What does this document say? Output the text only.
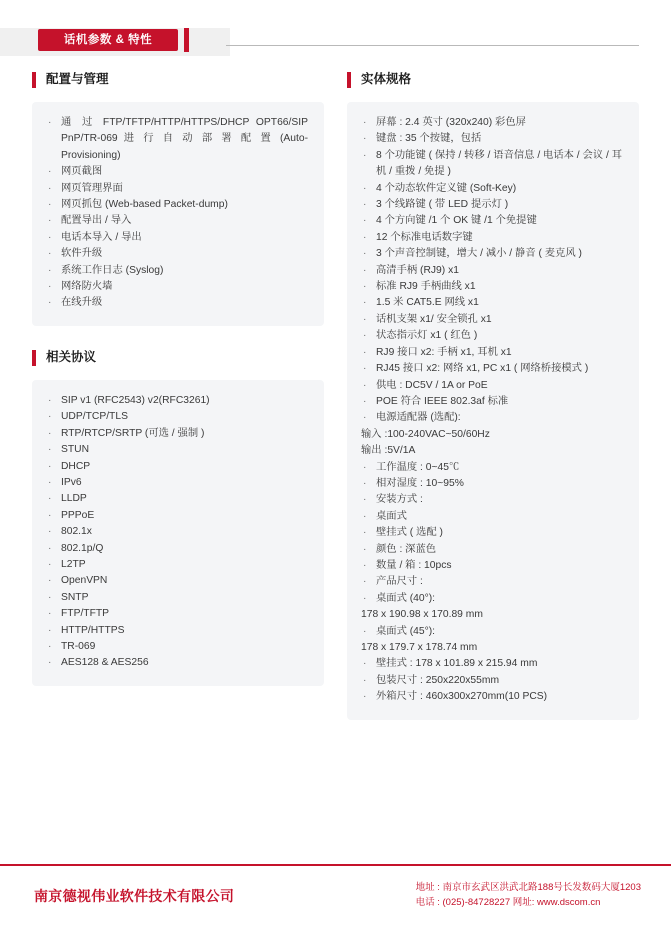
话机参数 & 特性
配置与管理
· 通 过 FTP/TFTP/HTTP/HTTPS/DHCP OPT66/SIP PnP/TR-069 进 行 自 动 部 署 配 置 (Auto-Provisioning)
· 网页截图
· 网页管理界面
· 网页抓包 (Web-based Packet-dump)
· 配置导出 / 导入
· 电话本导入 / 导出
· 软件升级
· 系统工作日志 (Syslog)
· 网络防火墙
· 在线升级
相关协议
· SIP v1 (RFC2543) v2(RFC3261)
· UDP/TCP/TLS
· RTP/RTCP/SRTP (可选 / 强制 )
· STUN
· DHCP
· IPv6
· LLDP
· PPPoE
· 802.1x
· 802.1p/Q
· L2TP
· OpenVPN
· SNTP
· FTP/TFTP
· HTTP/HTTPS
· TR-069
· AES128 & AES256
实体规格
· 屏幕 : 2.4 英寸 (320x240) 彩色屏
· 键盘 : 35 个按键，包括
· 8 个功能键 ( 保持 / 转移 / 语音信息 / 电话本 / 会议 / 耳机 / 重拨 / 免提 )
· 4 个动态软件定义键 (Soft-Key)
· 3 个线路键 ( 带 LED 提示灯 )
· 4 个方向键 /1 个 OK 键 /1 个免提键
· 12 个标准电话数字键
· 3 个声音控制键，增大 / 减小 / 静音 ( 麦克风 )
· 高清手柄 (RJ9) x1
· 标准 RJ9 手柄曲线 x1
· 1.5 米 CAT5.E 网线 x1
· 话机支架 x1/ 安全锁孔 x1
· 状态指示灯 x1 ( 红色 )
· RJ9 接口 x2: 手柄 x1, 耳机 x1
· RJ45 接口 x2: 网络 x1, PC x1 ( 网络桥接模式 )
· 供电 : DC5V / 1A or PoE
· POE 符合 IEEE 802.3af 标准
· 电源适配器 (选配):
输入 :100-240VAC~50/60Hz
输出 :5V/1A
· 工作温度 : 0~45℃
· 相对湿度 : 10~95%
· 安装方式 :
· 桌面式
· 壁挂式 ( 选配 )
· 颜色 : 深蓝色
· 数量 / 箱 : 10pcs
· 产品尺寸 :
· 桌面式 (40°):
178 x 190.98 x 170.89 mm
· 桌面式 (45°):
178 x 179.7 x 178.74 mm
· 壁挂式 : 178 x 101.89 x 215.94 mm
· 包装尺寸 : 250x220x55mm
· 外箱尺寸 : 460x300x270mm(10 PCS)
南京德视伟业软件技术有限公司
地址 : 南京市玄武区洪武北路188号长发数码大厦1203
电话 : (025)-84728227 网址: www.dscom.cn
